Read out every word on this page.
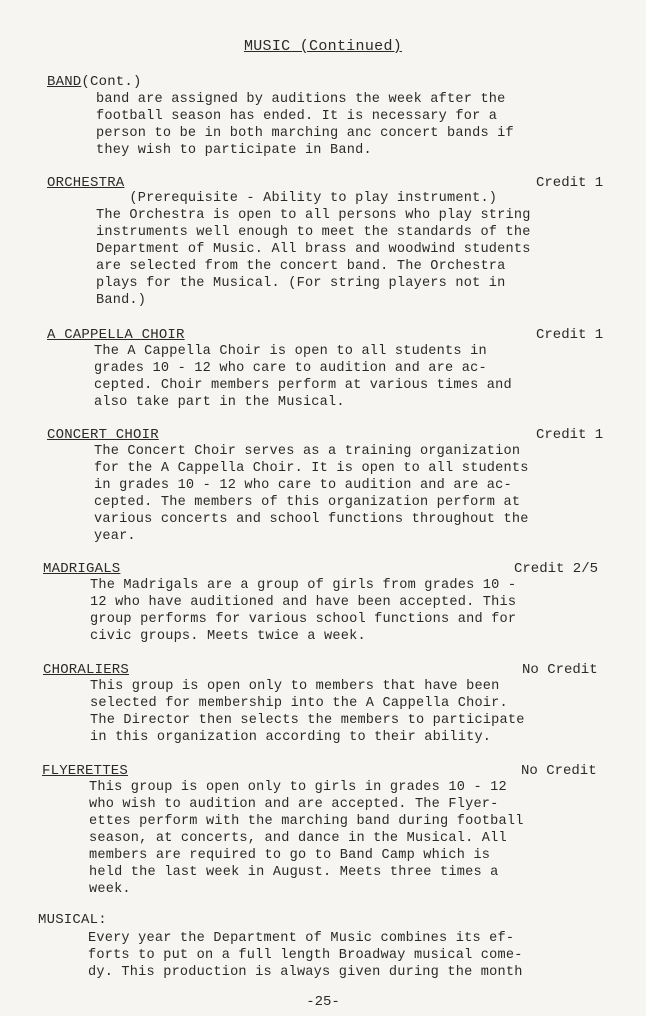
MUSIC (Continued)
BAND(Cont.)
band are assigned by auditions the week after the
football season has ended. It is necessary for a
person to be in both marching anc concert bands if
they wish to participate in Band.
ORCHESTRA	Credit 1
(Prerequisite - Ability to play instrument.)
The Orchestra is open to all persons who play string
instruments well enough to meet the standards of the
Department of Music. All brass and woodwind students
are selected from the concert band. The Orchestra
plays for the Musical. (For string players not in
Band.)
A CAPPELLA CHOIR	Credit 1
The A Cappella Choir is open to all students in
grades 10 - 12 who care to audition and are ac-
cepted. Choir members perform at various times and
also take part in the Musical.
CONCERT CHOIR	Credit 1
The Concert Choir serves as a training organization
for the A Cappella Choir. It is open to all students
in grades 10 - 12 who care to audition and are ac-
cepted. The members of this organization perform at
various concerts and school functions throughout the
year.
MADRIGALS	Credit 2/5
The Madrigals are a group of girls from grades 10 -
12 who have auditioned and have been accepted. This
group performs for various school functions and for
civic groups. Meets twice a week.
CHORALIERS	No Credit
This group is open only to members that have been
selected for membership into the A Cappella Choir.
The Director then selects the members to participate
in this organization according to their ability.
FLYERETTES	No Credit
This group is open only to girls in grades 10 - 12
who wish to audition and are accepted. The Flyer-
ettes perform with the marching band during football
season, at concerts, and dance in the Musical. All
members are required to go to Band Camp which is
held the last week in August. Meets three times a
week.
MUSICAL:
Every year the Department of Music combines its ef-
forts to put on a full length Broadway musical come-
dy. This production is always given during the month
-25-
